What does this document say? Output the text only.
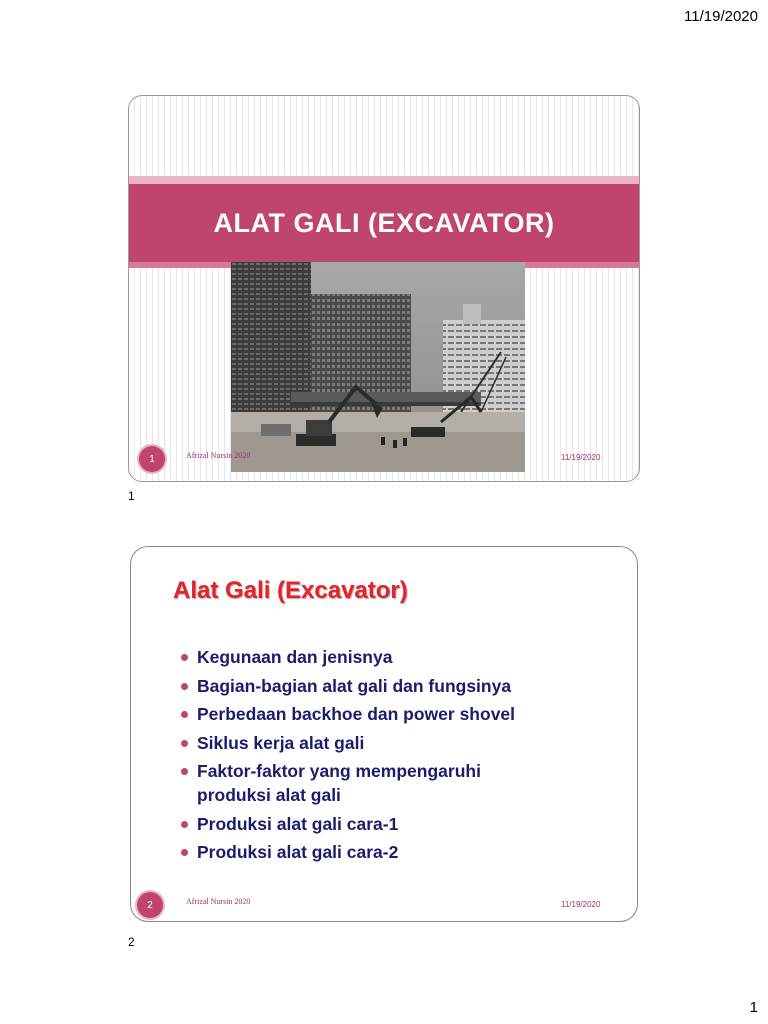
11/19/2020
ALAT GALI (EXCAVATOR)
1	Afrizal Nursin 2020	11/19/2020
1
Alat Gali (Excavator)
Kegunaan dan jenisnya
Bagian-bagian alat gali dan fungsinya
Perbedaan backhoe dan power shovel
Siklus kerja alat gali
Faktor-faktor yang mempengaruhi
produksi alat gali
Produksi alat gali cara-1
Produksi alat gali cara-2
2	Afrizal Nursin 2020	11/19/2020
2
1
